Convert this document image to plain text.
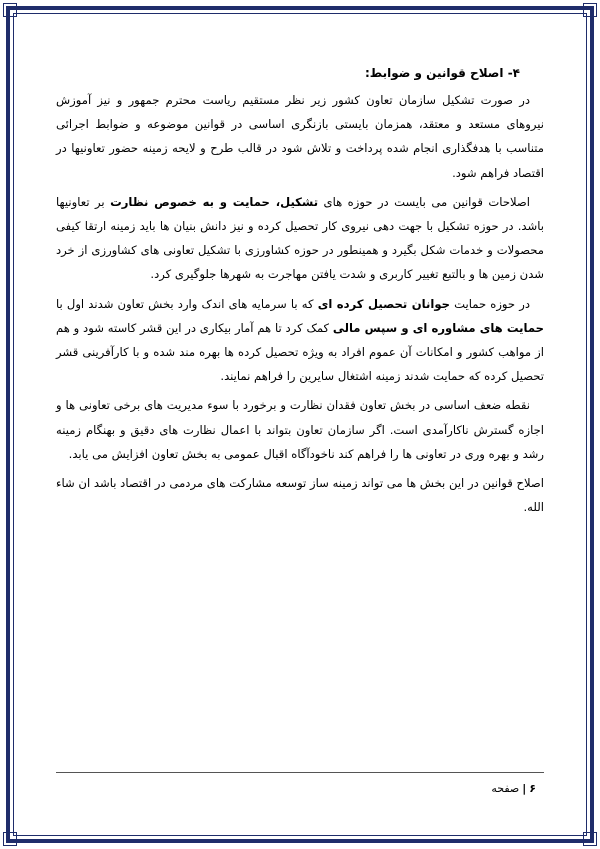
۴- اصلاح قوانین و ضوابط:

در صورت تشکیل سازمان تعاون کشور زیر نظر مستقیم ریاست محترم جمهور و نیز آموزش نیروهای مستعد و معتقد، همزمان بایستی بازنگری اساسی در قوانین موضوعه و ضوابط اجرائی متناسب با هدفگذاری انجام شده پرداخت و تلاش شود در قالب طرح و لایحه زمینه حضور تعاونیها در اقتصاد فراهم شود.

اصلاحات قوانین می بایست در حوزه های تشکیل، حمایت و به خصوص نظارت بر تعاونیها باشد. در حوزه تشکیل با جهت دهی نیروی کار تحصیل کرده و نیز دانش بنیان ها باید زمینه ارتقا کیفی محصولات و خدمات شکل بگیرد و همینطور در حوزه کشاورزی با تشکیل تعاونی های کشاورزی از خرد شدن زمین ها و بالتبع تغییر کاربری و شدت یافتن مهاجرت به شهرها جلوگیری کرد.

در حوزه حمایت جوانان تحصیل کرده ای که با سرمایه های اندک وارد بخش تعاون شدند اول با حمایت های مشاوره ای و سپس مالی کمک کرد تا هم آمار بیکاری در این قشر کاسته شود و هم از مواهب کشور و امکانات آن عموم افراد به ویژه تحصیل کرده ها بهره مند شده و با کارآفرینی قشر تحصیل کرده که حمایت شدند زمینه اشتغال سایرین را فراهم نمایند.

نقطه ضعف اساسی در بخش تعاون فقدان نظارت و برخورد با سوء مدیریت های برخی تعاونی ها و اجازه گسترش ناکارآمدی است. اگر سازمان تعاون بتواند با اعمال نظارت های دقیق و بهنگام زمینه رشد و بهره وری در تعاونی ها را فراهم کند ناخودآگاه اقبال عمومی به بخش تعاون افزایش می یابد.

اصلاح قوانین در این بخش ها می تواند زمینه ساز توسعه مشارکت های مردمی در اقتصاد باشد ان شاء الله.

۶|صفحه
